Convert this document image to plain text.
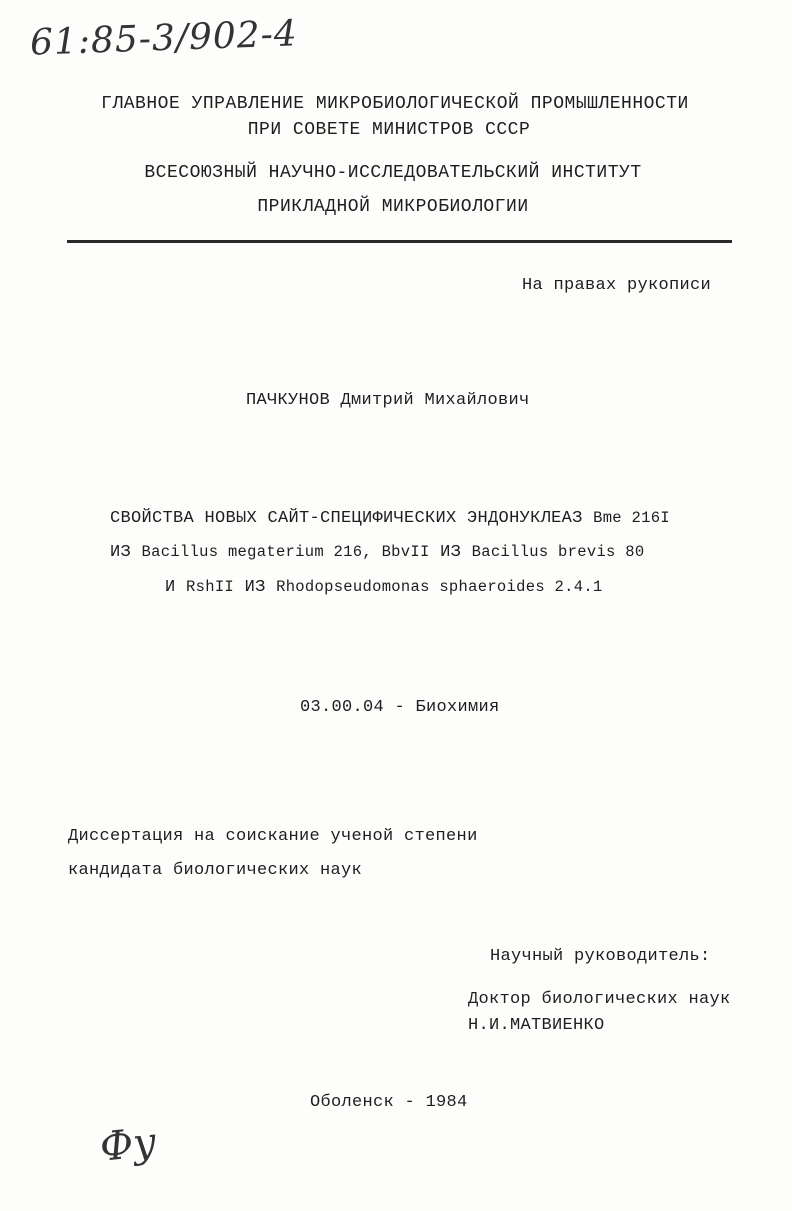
61:85-3/902-4
ГЛАВНОЕ УПРАВЛЕНИЕ МИКРОБИОЛОГИЧЕСКОЙ ПРОМЫШЛЕННОСТИ
ПРИ СОВЕТЕ МИНИСТРОВ СССР
ВСЕСОЮЗНЫЙ НАУЧНО-ИССЛЕДОВАТЕЛЬСКИЙ ИНСТИТУТ
ПРИКЛАДНОЙ МИКРОБИОЛОГИИ
На правах рукописи
ПАЧКУНОВ Дмитрий Михайлович
СВОЙСТВА НОВЫХ САЙТ-СПЕЦИФИЧЕСКИХ ЭНДОНУКЛЕАЗ Bme 216I
ИЗ Bacillus megaterium 216, BbvII ИЗ Bacillus brevis 80
И RshII ИЗ Rhodopseudomonas sphaeroides 2.4.1
03.00.04 - Биохимия
Диссертация на соискание ученой степени
кандидата биологических наук
Научный руководитель:
Доктор биологических наук
Н.И.МАТВИЕНКО
Оболенск - 1984
Фу
